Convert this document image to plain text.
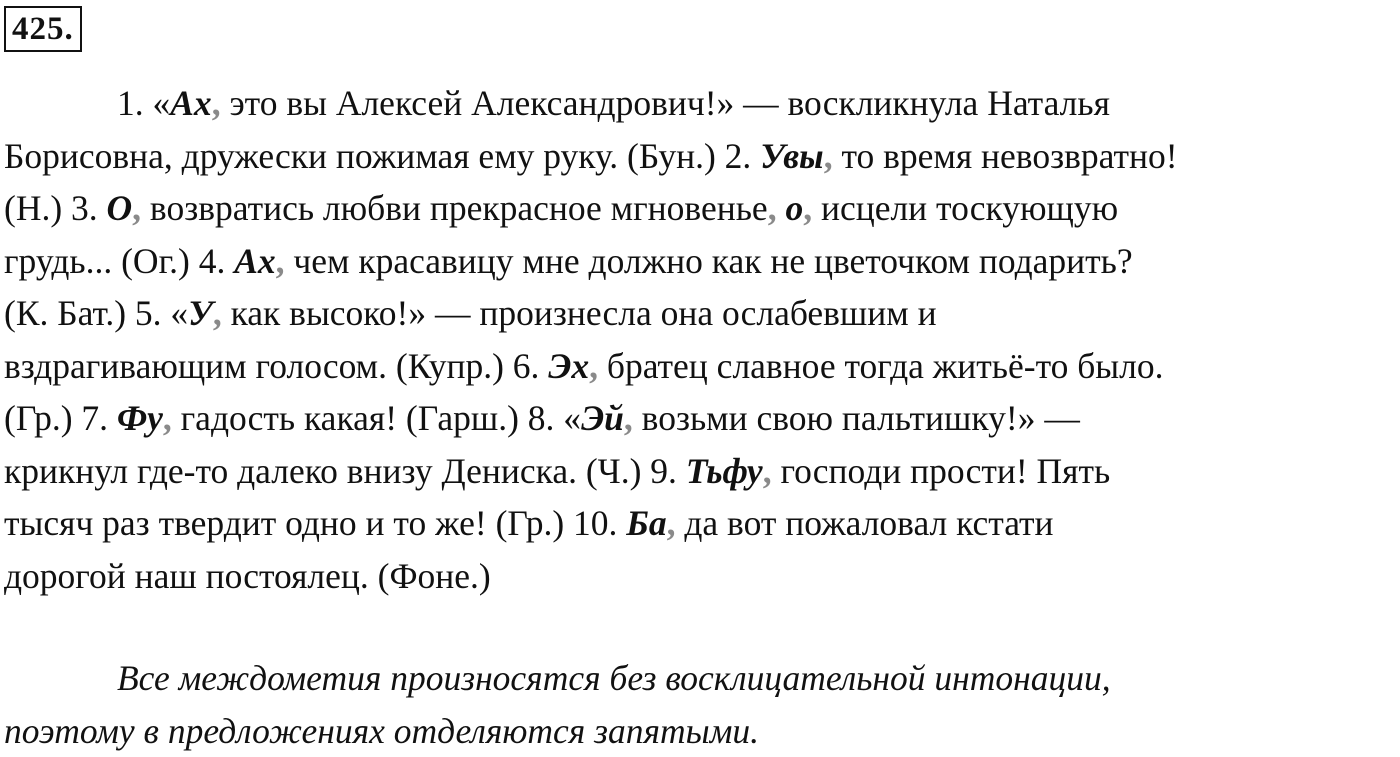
425.
1. «Ах, это вы Алексей Александрович!» — воскликнула Наталья
Борисовна, дружески пожимая ему руку. (Бун.) 2. Увы, то время невозвратно!
(Н.) 3. О, возвратись любви прекрасное мгновенье, о, исцели тоскующую
грудь... (Ог.) 4. Ах, чем красавицу мне должно как не цветочком подарить?
(К. Бат.) 5. «У, как высоко!» — произнесла она ослабевшим и
вздрагивающим голосом. (Купр.) 6. Эх, братец славное тогда житьё-то было.
(Гр.) 7. Фу, гадость какая! (Гарш.) 8. «Эй, возьми свою пальтишку!» —
крикнул где-то далеко внизу Дениска. (Ч.) 9. Тьфу, господи прости! Пять
тысяч раз твердит одно и то же! (Гр.) 10. Ба, да вот пожаловал кстати
дорогой наш постоялец. (Фоне.)
Все междометия произносятся без восклицательной интонации,
поэтому в предложениях отделяются запятыми.
